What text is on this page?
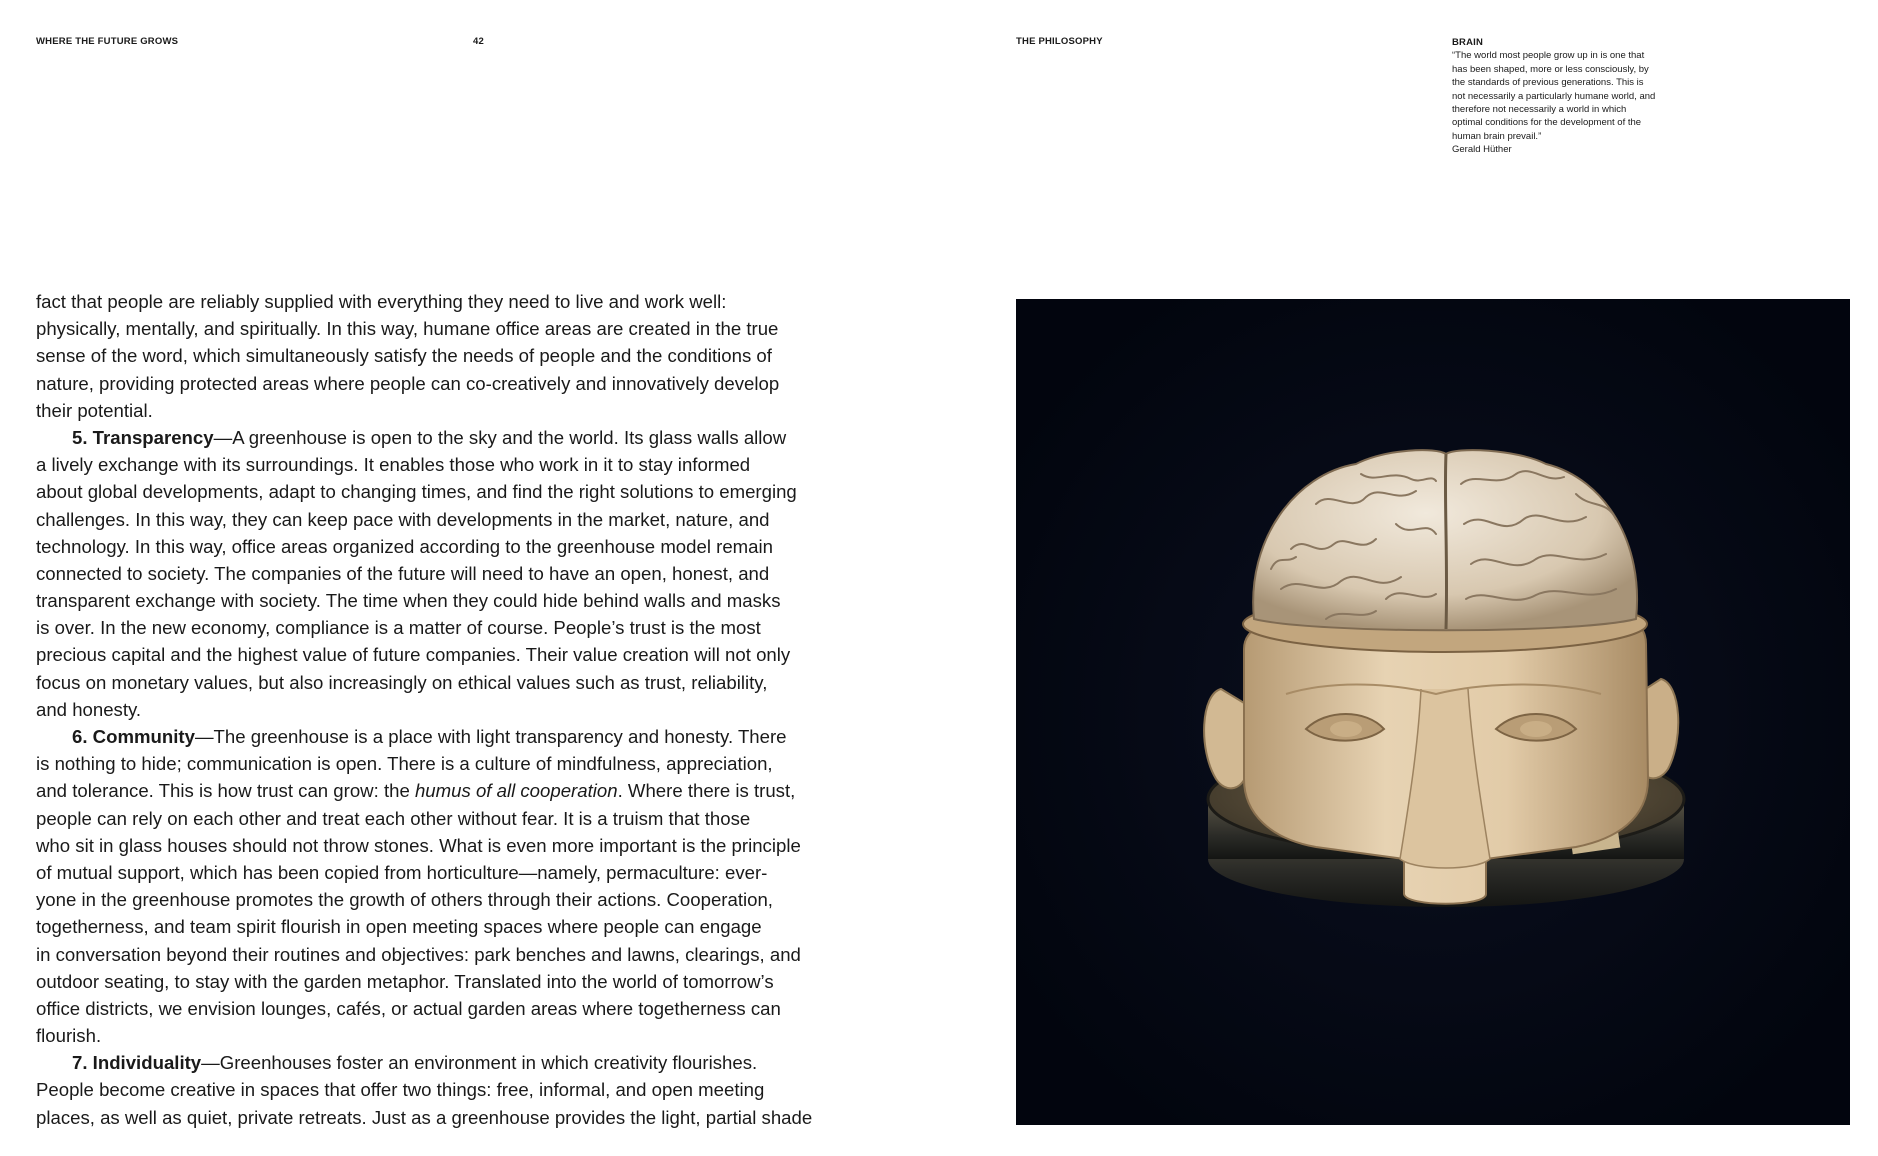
WHERE THE FUTURE GROWS	42
fact that people are reliably supplied with everything they need to live and work well:
physically, mentally, and spiritually. In this way, humane office areas are created in the true
sense of the word, which simultaneously satisfy the needs of people and the conditions of
nature, providing protected areas where people can co-creatively and innovatively develop
their potential.
5. Transparency—A greenhouse is open to the sky and the world. Its glass walls allow
a lively exchange with its surroundings. It enables those who work in it to stay informed
about global developments, adapt to changing times, and find the right solutions to emerging
challenges. In this way, they can keep pace with developments in the market, nature, and
technology. In this way, office areas organized according to the greenhouse model remain
connected to society. The companies of the future will need to have an open, honest, and
transparent exchange with society. The time when they could hide behind walls and masks
is over. In the new economy, compliance is a matter of course. People’s trust is the most
precious capital and the highest value of future companies. Their value creation will not only
focus on monetary values, but also increasingly on ethical values such as trust, reliability,
and honesty.
6. Community—The greenhouse is a place with light transparency and honesty. There
is nothing to hide; communication is open. There is a culture of mindfulness, appreciation,
and tolerance. This is how trust can grow: the humus of all cooperation. Where there is trust,
people can rely on each other and treat each other without fear. It is a truism that those
who sit in glass houses should not throw stones. What is even more important is the principle
of mutual support, which has been copied from horticulture—namely, permaculture: ever-
yone in the greenhouse promotes the growth of others through their actions. Cooperation,
togetherness, and team spirit flourish in open meeting spaces where people can engage
in conversation beyond their routines and objectives: park benches and lawns, clearings, and
outdoor seating, to stay with the garden metaphor. Translated into the world of tomorrow’s
office districts, we envision lounges, cafés, or actual garden areas where togetherness can
flourish.
7. Individuality—Greenhouses foster an environment in which creativity flourishes.
People become creative in spaces that offer two things: free, informal, and open meeting
places, as well as quiet, private retreats. Just as a greenhouse provides the light, partial shade
THE PHILOSOPHY	BRAIN
“The world most people grow up in is one that
has been shaped, more or less consciously, by
the standards of previous generations. This is
not necessarily a particularly humane world, and
therefore not necessarily a world in which
optimal conditions for the development of the
human brain prevail.”
Gerald Hüther
